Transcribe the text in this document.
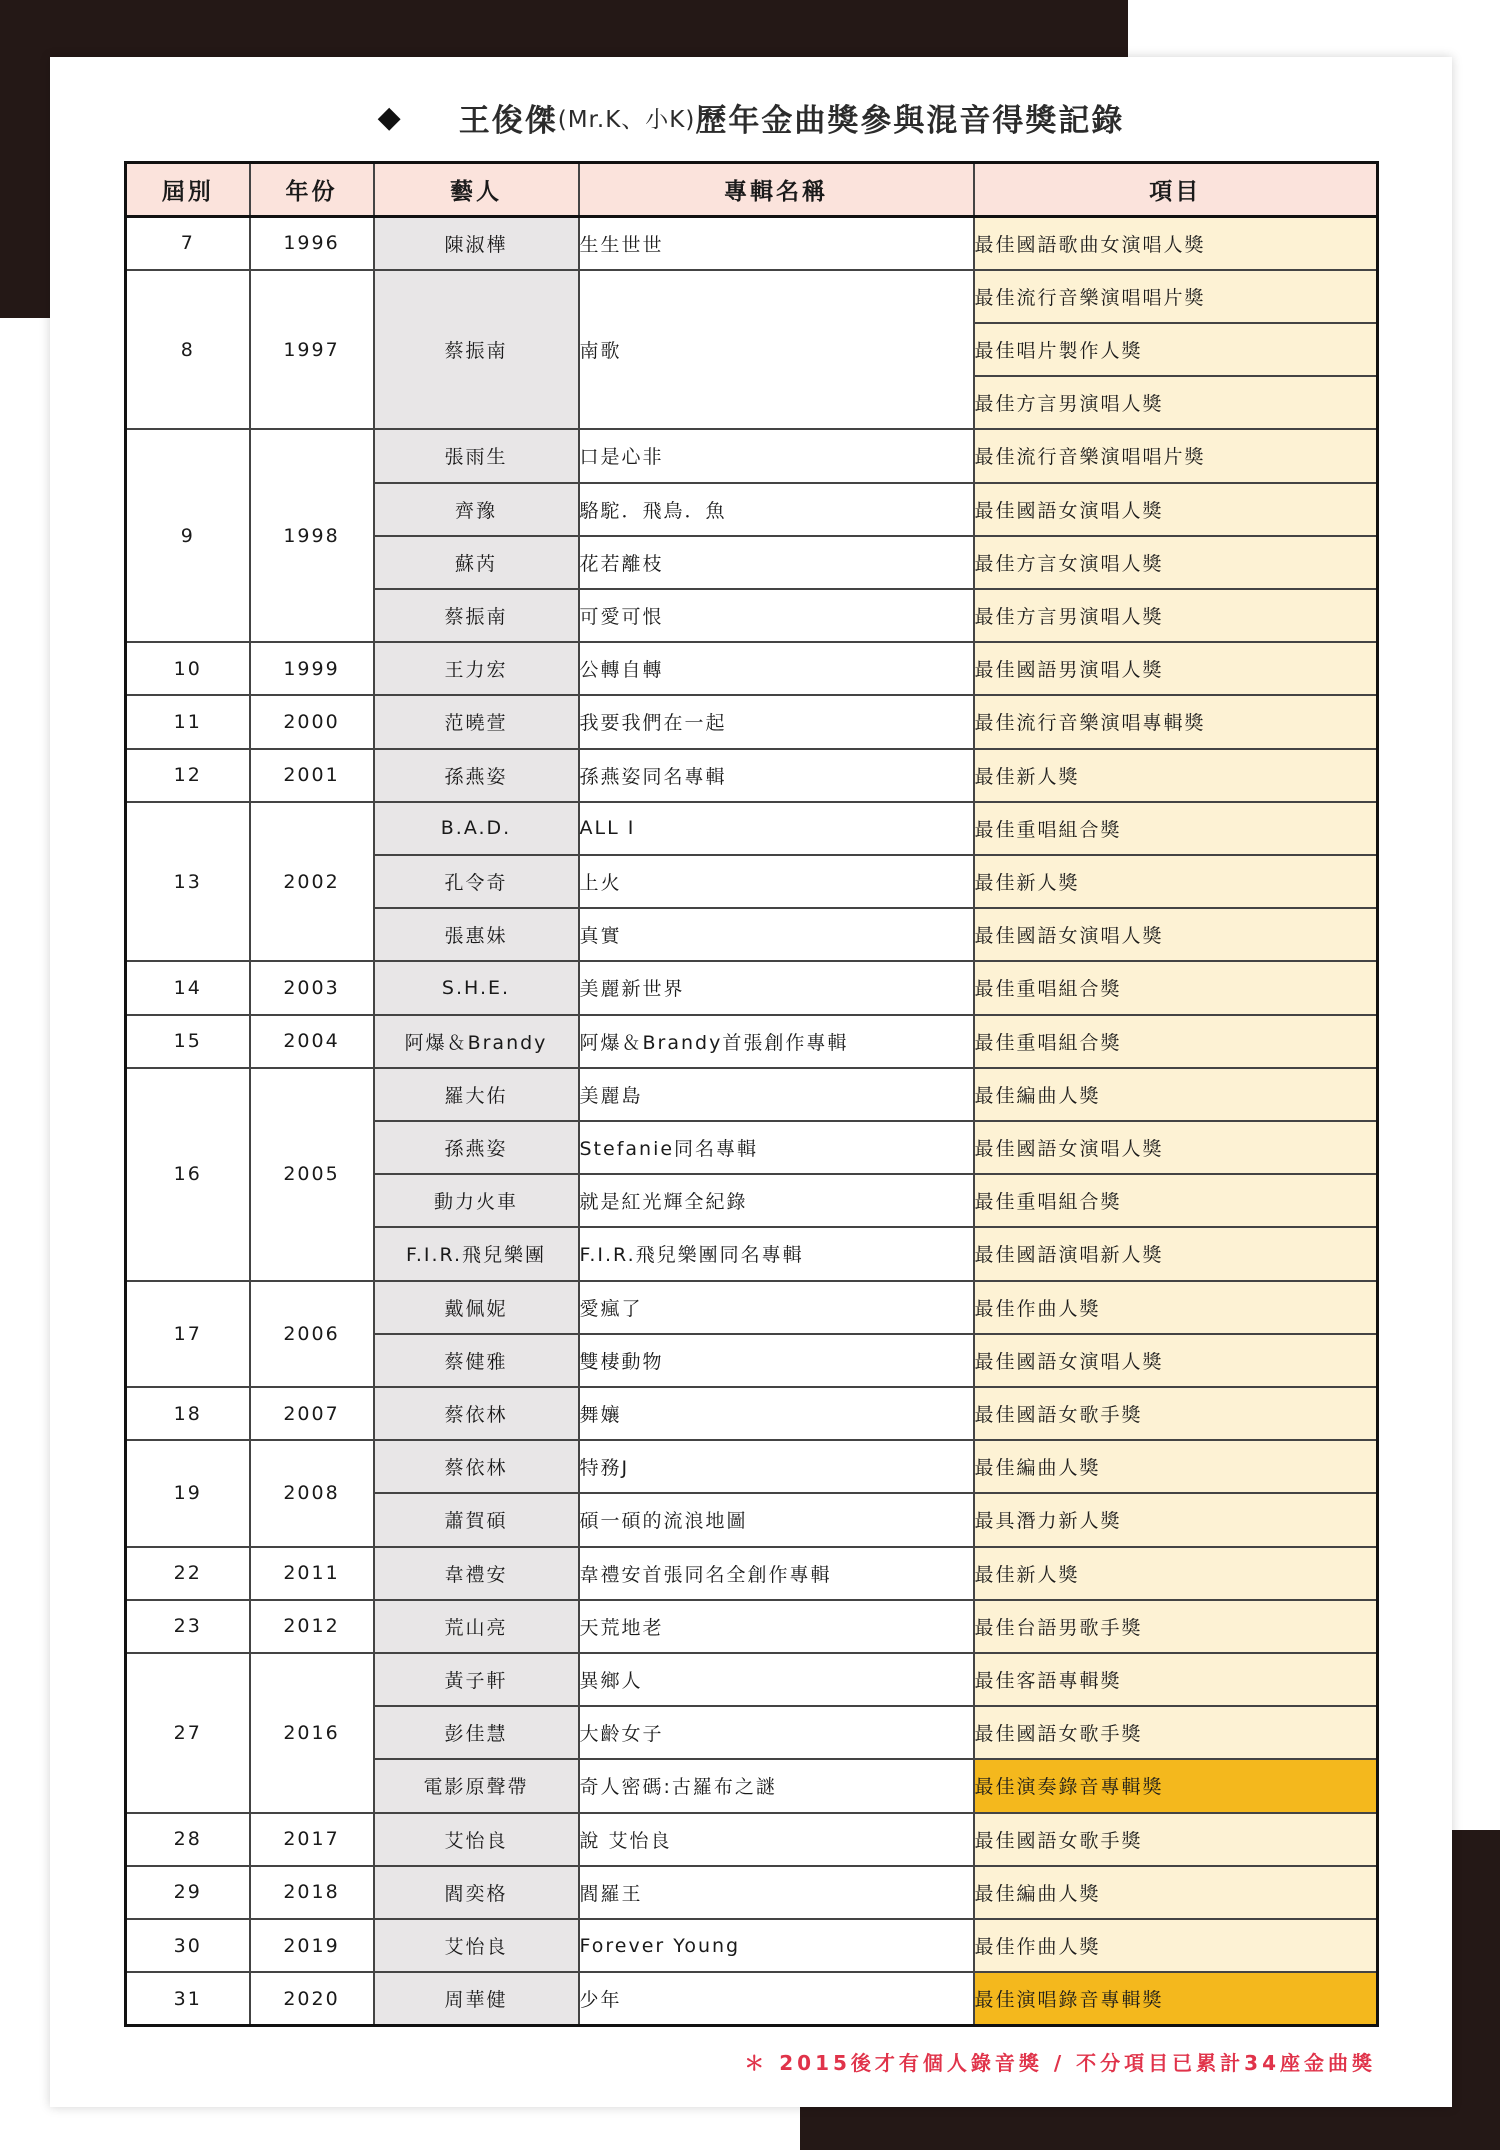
◆ 王俊傑 (Mr.K、小K) 歷年金曲獎參與混音得獎記錄
屆別	年份	藝人	專輯名稱	項目
7	1996	陳淑樺	生生世世	最佳國語歌曲女演唱人獎
8	1997	蔡振南	南歌	最佳流行音樂演唱唱片獎
				最佳唱片製作人獎
				最佳方言男演唱人獎
9	1998	張雨生	口是心非	最佳流行音樂演唱唱片獎
		齊豫	駱駝．飛鳥．魚	最佳國語女演唱人獎
		蘇芮	花若離枝	最佳方言女演唱人獎
		蔡振南	可愛可恨	最佳方言男演唱人獎
10	1999	王力宏	公轉自轉	最佳國語男演唱人獎
11	2000	范曉萱	我要我們在一起	最佳流行音樂演唱專輯獎
12	2001	孫燕姿	孫燕姿同名專輯	最佳新人獎
13	2002	B.A.D.	ALL I	最佳重唱組合獎
		孔令奇	上火	最佳新人獎
		張惠妹	真實	最佳國語女演唱人獎
14	2003	S.H.E.	美麗新世界	最佳重唱組合獎
15	2004	阿爆＆Brandy	阿爆＆Brandy首張創作專輯	最佳重唱組合獎
16	2005	羅大佑	美麗島	最佳編曲人獎
		孫燕姿	Stefanie同名專輯	最佳國語女演唱人獎
		動力火車	就是紅光輝全紀錄	最佳重唱組合獎
		F.I.R.飛兒樂團	F.I.R.飛兒樂團同名專輯	最佳國語演唱新人獎
17	2006	戴佩妮	愛瘋了	最佳作曲人獎
		蔡健雅	雙棲動物	最佳國語女演唱人獎
18	2007	蔡依林	舞孃	最佳國語女歌手獎
19	2008	蔡依林	特務J	最佳編曲人獎
		蕭賀碩	碩一碩的流浪地圖	最具潛力新人獎
22	2011	韋禮安	韋禮安首張同名全創作專輯	最佳新人獎
23	2012	荒山亮	天荒地老	最佳台語男歌手獎
27	2016	黃子軒	異鄉人	最佳客語專輯獎
		彭佳慧	大齡女子	最佳國語女歌手獎
		電影原聲帶	奇人密碼:古羅布之謎	最佳演奏錄音專輯獎
28	2017	艾怡良	說 艾怡良	最佳國語女歌手獎
29	2018	閻奕格	閻羅王	最佳編曲人獎
30	2019	艾怡良	Forever Young	最佳作曲人獎
31	2020	周華健	少年	最佳演唱錄音專輯獎
＊ 2015後才有個人錄音獎 / 不分項目已累計34座金曲獎
